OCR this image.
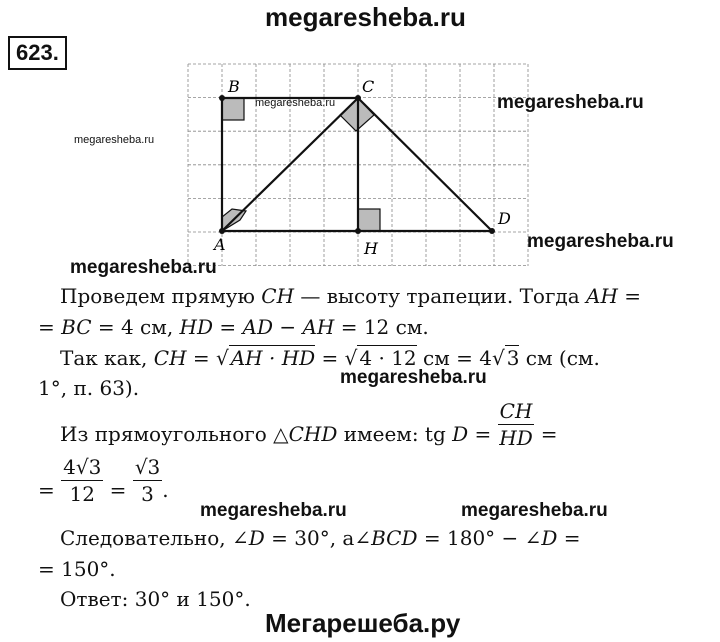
megaresheba.ru
623.
B	C
A	H
D
megaresheba.ru
megaresheba.ru	megaresheba.ru
megaresheba.ru
megaresheba.ru
Проведем прямую CH — высоту трапеции. Тогда AH =
= BC = 4 см, HD = AD − AH = 12 см.
Так как, CH = √ AH · HD = √ 4 · 12 см = 4√ 3 см (см.
1°, п. 63).	megaresheba.ru
Из прямоугольного △CHD имеем: tg $D = \frac{CH}{HD}$ =
= $\frac{4√3}{12} = \frac{√3}{3}$ .
megaresheba.ru	megaresheba.ru
Следовательно, ∠D = 30°, a∠BCD = 180° − ∠D =
= 150°.
Ответ: 30° и 150°.
Мегарешеба.ру
